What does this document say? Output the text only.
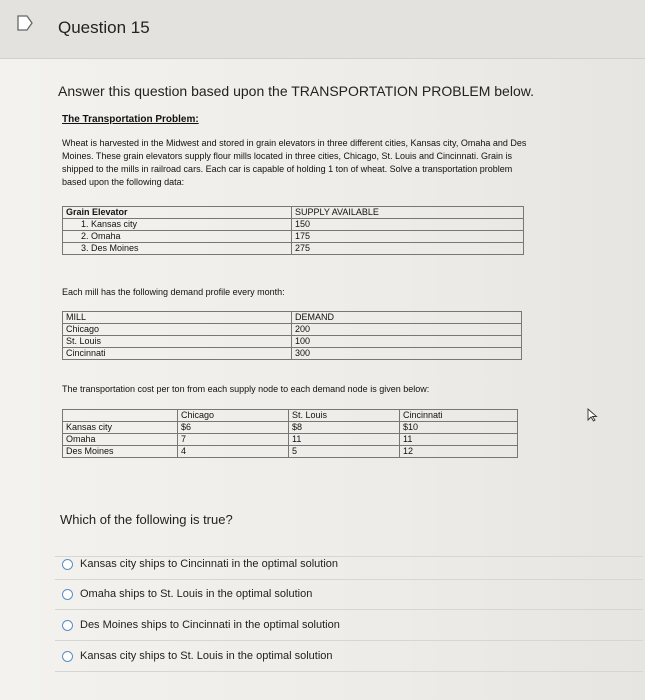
Question 15
Answer this question based upon the TRANSPORTATION PROBLEM below.
The Transportation Problem:
Wheat is harvested in the Midwest and stored in grain elevators in three different cities, Kansas city, Omaha and Des Moines. These grain elevators supply flour mills located in three cities, Chicago, St. Louis and Cincinnati. Grain is shipped to the mills in railroad cars. Each car is capable of holding 1 ton of wheat. Solve a transportation problem based upon the following data:
Grain Elevator	SUPPLY AVAILABLE
1. Kansas city	150
2. Omaha	175
3. Des Moines	275
Each mill has the following demand profile every month:
MILL	DEMAND
Chicago	200
St. Louis	100
Cincinnati	300
The transportation cost per ton from each supply node to each demand node is given below:
	Chicago	St. Louis	Cincinnati
Kansas city	$6	$8	$10
Omaha	7	11	11
Des Moines	4	5	12
Which of the following is true?
Kansas city ships to Cincinnati in the optimal solution
Omaha ships to St. Louis in the optimal solution
Des Moines ships to Cincinnati in the optimal solution
Kansas city ships to St. Louis in the optimal solution
